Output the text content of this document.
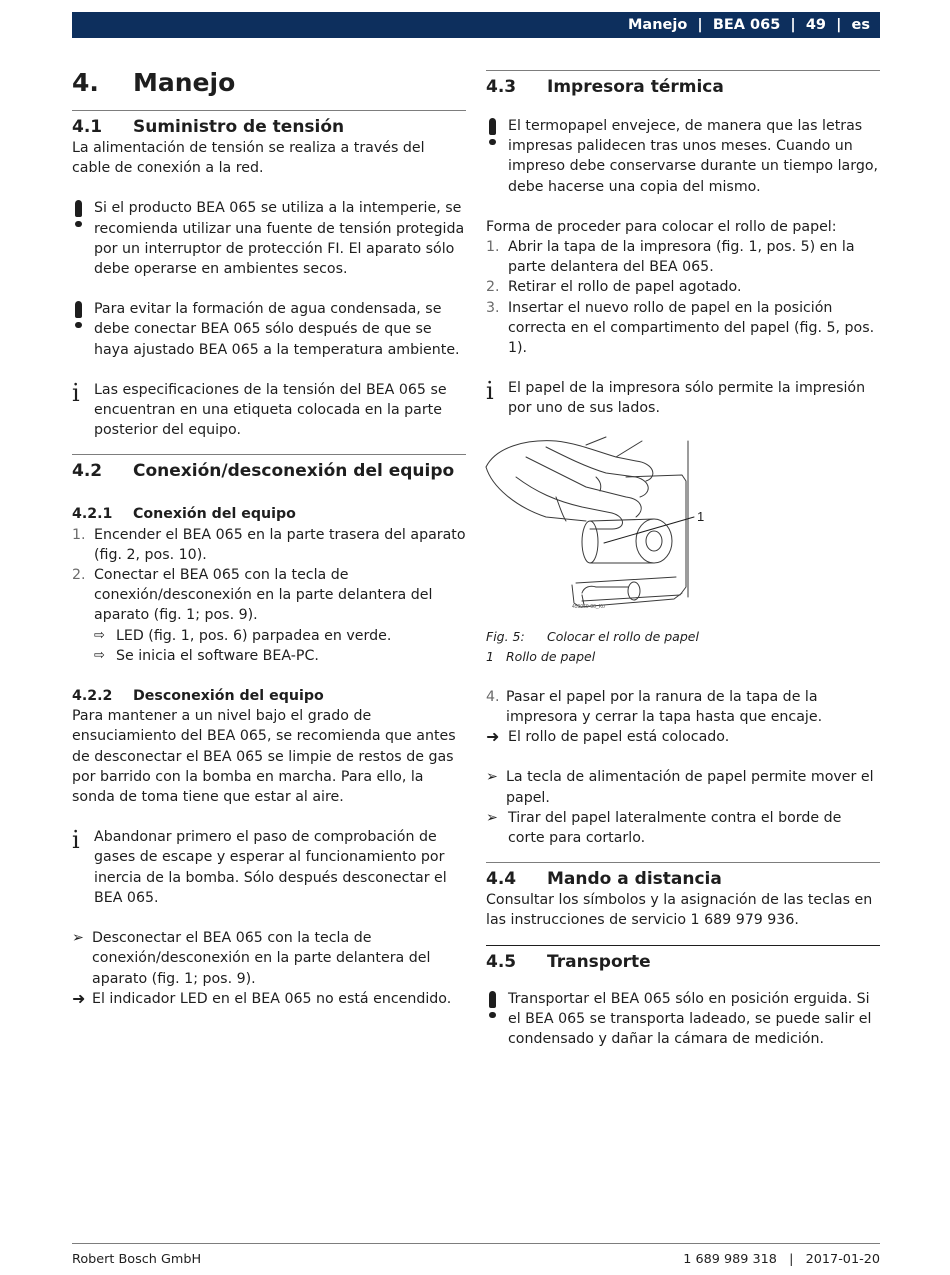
Manejo
|
BEA 065
|
49
|
es
4.	Manejo
4.1	Suministro de tensión

La alimentación de tensión se realiza a través del cable de conexión a la red.

Si el producto BEA 065 se utiliza a la intemperie, se recomienda utilizar una fuente de tensión protegida por un interruptor de protección FI. El aparato sólo debe operarse en ambientes secos.

Para evitar la formación de agua condensada, se debe conectar BEA 065 sólo después de que se haya ajustado BEA 065 a la temperatura ambiente.

i Las especificaciones de la tensión del BEA 065 se encuentran en una etiqueta colocada en la parte posterior del equipo.

4.2	Conexión/desconexión del equipo
4.2.1	Conexión del equipo
1. Encender el BEA 065 en la parte trasera del aparato (fig. 2, pos. 10).

2. Conectar el BEA 065 con la tecla de conexión/desconexión en la parte delantera del aparato (fig. 1; pos. 9).

⇨ LED (fig. 1, pos. 6) parpadea en verde.

⇨ Se inicia el software BEA-PC.

4.2.2	Desconexión del equipo

Para mantener a un nivel bajo el grado de ensuciamiento del BEA 065, se recomienda que antes de desconectar el BEA 065 se limpie de restos de gas por barrido con la bomba en marcha. Para ello, la sonda de toma tiene que estar al aire.

i Abandonar primero el paso de comprobación de gases de escape y esperar al funcionamiento por inercia de la bomba. Sólo después desconectar el BEA 065.

➢ Desconectar el BEA 065 con la tecla de conexión/desconexión en la parte delantera del aparato (fig. 1; pos. 9).

➜ El indicador LED en el BEA 065 no está encendido.

4.3	Impresora térmica

El termopapel envejece, de manera que las letras impresas palidecen tras unos meses. Cuando un impreso debe conservarse durante un tiempo largo, debe hacerse una copia del mismo.

Forma de proceder para colocar el rollo de papel:

1. Abrir la tapa de la impresora (fig. 1, pos. 5) en la parte delantera del BEA 065.

2. Retirar el rollo de papel agotado.

3. Insertar el nuevo rollo de papel en la posición correcta en el compartimento del papel (fig. 5, pos. 1).

i El papel de la impresora sólo permite la impresión por uno de sus lados.

1
459069-06_Ko
Fig. 5:	Colocar el rollo de papel
1 Rollo de papel
4. Pasar el papel por la ranura de la tapa de la impresora y cerrar la tapa hasta que encaje.

➜ El rollo de papel está colocado.

➢ La tecla de alimentación de papel permite mover el papel.

➢ Tirar del papel lateralmente contra el borde de corte para cortarlo.

4.4	Mando a distancia

Consultar los símbolos y la asignación de las teclas en las instrucciones de servicio 1 689 979 936.

4.5	Transporte

Transportar el BEA 065 sólo en posición erguida. Si el BEA 065 se transporta ladeado, se puede salir el condensado y dañar la cámara de medición.

Robert Bosch GmbH	1 689 989 318 | 2017-01-20
